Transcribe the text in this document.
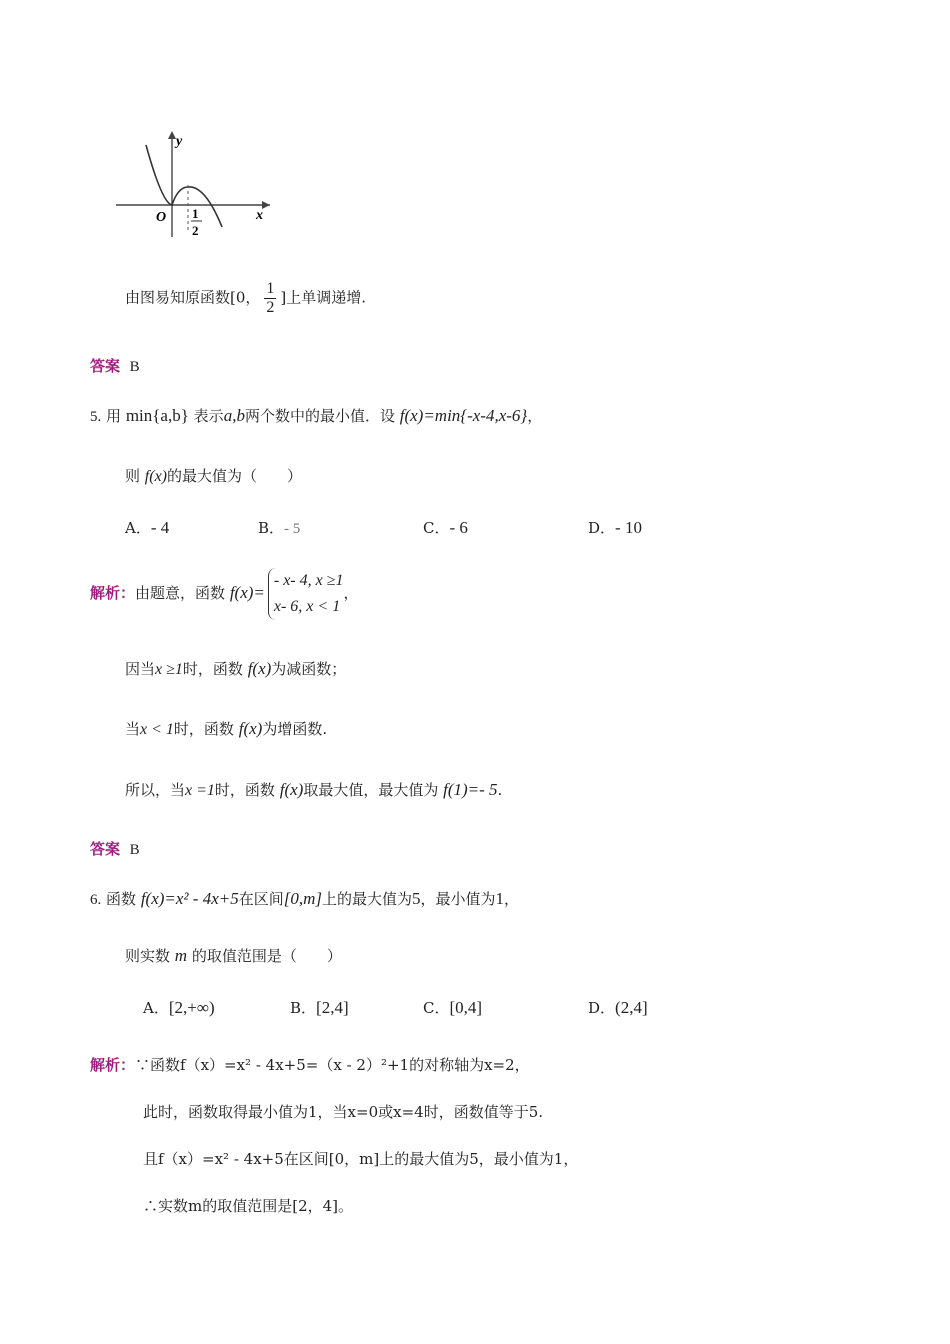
y
x
O 1
2
由图易知原函数[0， $\frac{1}{2}$ ]上单调递增.
答案 B
5. 用 min{a,b} 表示a,b两个数中的最小值．设 f(x)=min{-x-4,x-6}，
则 f(x)的最大值为（　　）
A．- 4	B．- 5	C．- 6	D．- 10
解析：由题意，函数 f(x)=
- x- 4, x ≥1
x- 6, x < 1
，
因当x ≥1时，函数 f(x)为减函数；
当x < 1时，函数 f(x)为增函数.
所以，当x =1时，函数 f(x)取最大值，最大值为 f(1)=- 5.
答案 B
6. 函数 f(x)=x² - 4x+5在区间[0,m]上的最大值为5，最小值为1，
则实数 m 的取值范围是（　　）
A．[2,+∞)	B．[2,4]	C．[0,4]	D．(2,4]
解析：∵函数f（x）=x² - 4x+5=（x - 2）²+1的对称轴为x=2，
此时，函数取得最小值为1，当x=0或x=4时，函数值等于5.
且f（x）=x² - 4x+5在区间[0，m]上的最大值为5，最小值为1，
∴实数m的取值范围是[2，4]。
